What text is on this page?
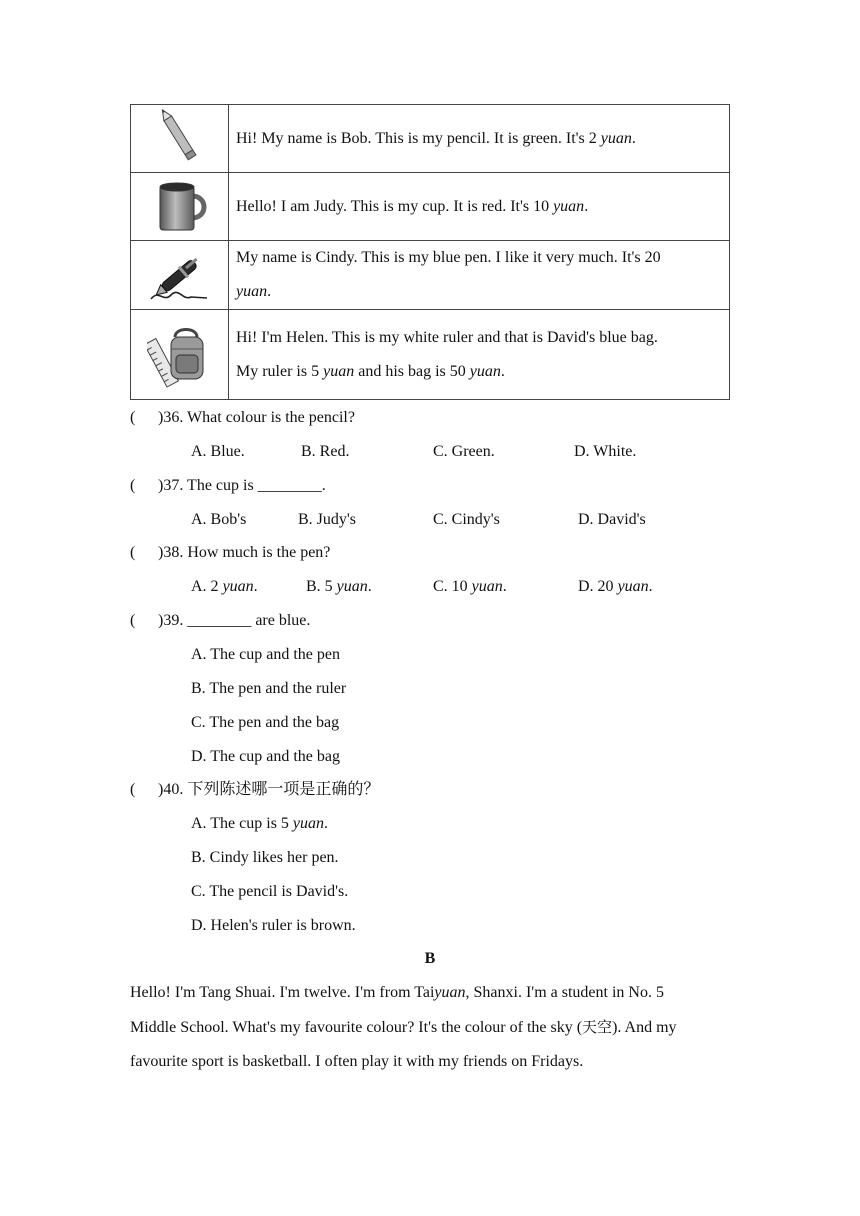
	Hi! My name is Bob. This is my pencil. It is green. It's 2 yuan.

	Hello! I am Judy. This is my cup. It is red. It's 10 yuan.

	My name is Cindy. This is my blue pen. I like it very much. It's 20
yuan.

	Hi! I'm Helen. This is my white ruler and that is David's blue bag.
My ruler is 5 yuan and his bag is 50 yuan.
( )36. What colour is the pencil?
A. Blue.	B. Red.	C. Green.	D. White.
( )37. The cup is ________.
A. Bob's	B. Judy's	C. Cindy's	D. David's
( )38. How much is the pen?
A. 2 yuan.	B. 5 yuan.	C. 10 yuan.	D. 20 yuan.
( )39. ________ are blue.
A. The cup and the pen
B. The pen and the ruler
C. The pen and the bag
D. The cup and the bag
( )40. 下列陈述哪一项是正确的？
A. The cup is 5 yuan.
B. Cindy likes her pen.
C. The pencil is David's.
D. Helen's ruler is brown.
B
Hello! I'm Tang Shuai. I'm twelve. I'm from Taiyuan, Shanxi. I'm a student in No. 5
Middle School. What's my favourite colour? It's the colour of the sky (天空). And my
favourite sport is basketball. I often play it with my friends on Fridays.
